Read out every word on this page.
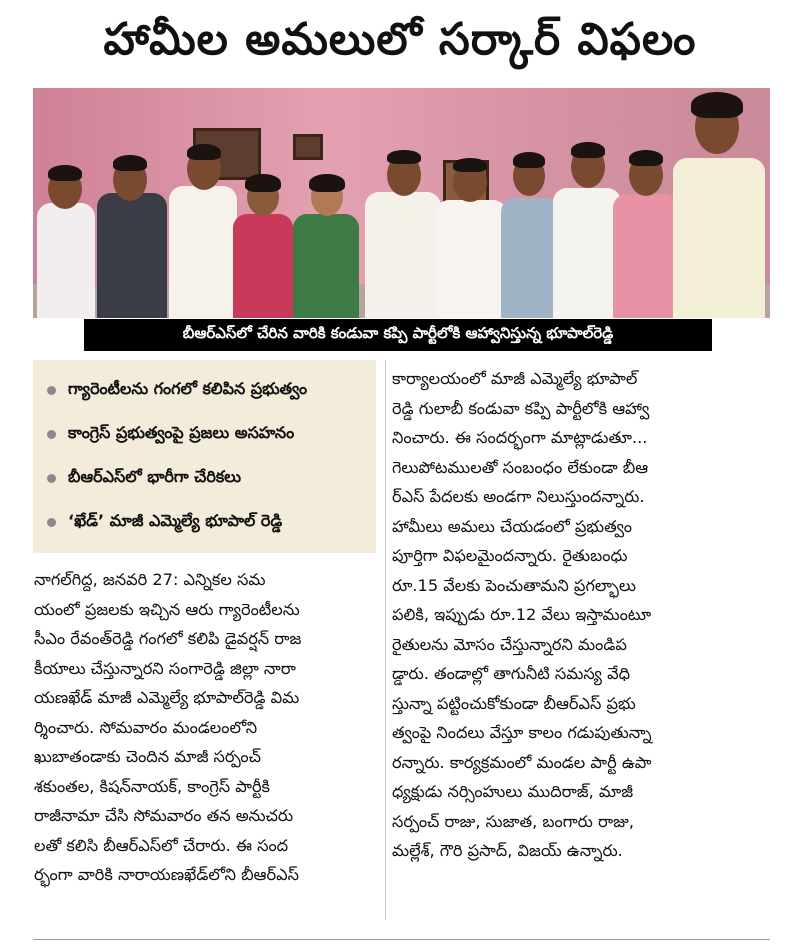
హామీల అమలులో సర్కార్ విఫలం
బీఆర్ఎస్‌లో చేరిన వారికి కండువా కప్పి పార్టీలోకి ఆహ్వానిస్తున్న భూపాల్‌రెడ్డి
గ్యారెంటీలను గంగలో కలిపిన ప్రభుత్వం
కాంగ్రెస్ ప్రభుత్వంపై ప్రజలు అసహనం
బీఆర్ఎస్‌లో భారీగా చేరికలు
‘ఖేడ్’ మాజీ ఎమ్మెల్యే భూపాల్ రెడ్డి
నాగల్‌గిద్ద, జనవరి 27: ఎన్నికల సమ
యంలో ప్రజలకు ఇచ్చిన ఆరు గ్యారెంటీలను
సీఎం రేవంత్‌రెడ్డి గంగలో కలిపి డైవర్షన్ రాజ
కీయాలు చేస్తున్నారని సంగారెడ్డి జిల్లా నారా
యణఖేడ్ మాజీ ఎమ్మెల్యే భూపాల్‌రెడ్డి విమ
ర్శించారు. సోమవారం మండలంలోని
ఖుబాతండాకు చెందిన మాజీ సర్పంచ్
శకుంతల, కిషన్‌నాయక్, కాంగ్రెస్ పార్టీకి
రాజీనామా చేసి సోమవారం తన అనుచరు
లతో కలిసి బీఆర్ఎస్‌లో చేరారు. ఈ సంద
ర్భంగా వారికి నారాయణఖేడ్‌లోని బీఆర్ఎస్
కార్యాలయంలో మాజీ ఎమ్మెల్యే భూపాల్
రెడ్డి గులాబీ కండువా కప్పి పార్టీలోకి ఆహ్వా
నించారు. ఈ సందర్భంగా మాట్లాడుతూ...
గెలుపోటములతో సంబంధం లేకుండా బీఆ
ర్ఎస్ పేదలకు అండగా నిలుస్తుందన్నారు.
హామీలు అమలు చేయడంలో ప్రభుత్వం
పూర్తిగా విఫలమైందన్నారు. రైతుబంధు
రూ.15 వేలకు పెంచుతామని ప్రగల్భాలు
పలికి, ఇప్పుడు రూ.12 వేలు ఇస్తామంటూ
రైతులను మోసం చేస్తున్నారని మండిప
డ్డారు. తండాల్లో తాగునీటి సమస్య వేధి
స్తున్నా పట్టించుకోకుండా బీఆర్ఎస్ ప్రభు
త్వంపై నిందలు వేస్తూ కాలం గడుపుతున్నా
రన్నారు. కార్యక్రమంలో మండల పార్టీ ఉపా
ధ్యక్షుడు నర్సింహులు ముదిరాజ్, మాజీ
సర్పంచ్ రాజు, సుజాత, బంగారు రాజు,
మల్లేశ్, గౌరి ప్రసాద్, విజయ్ ఉన్నారు.
